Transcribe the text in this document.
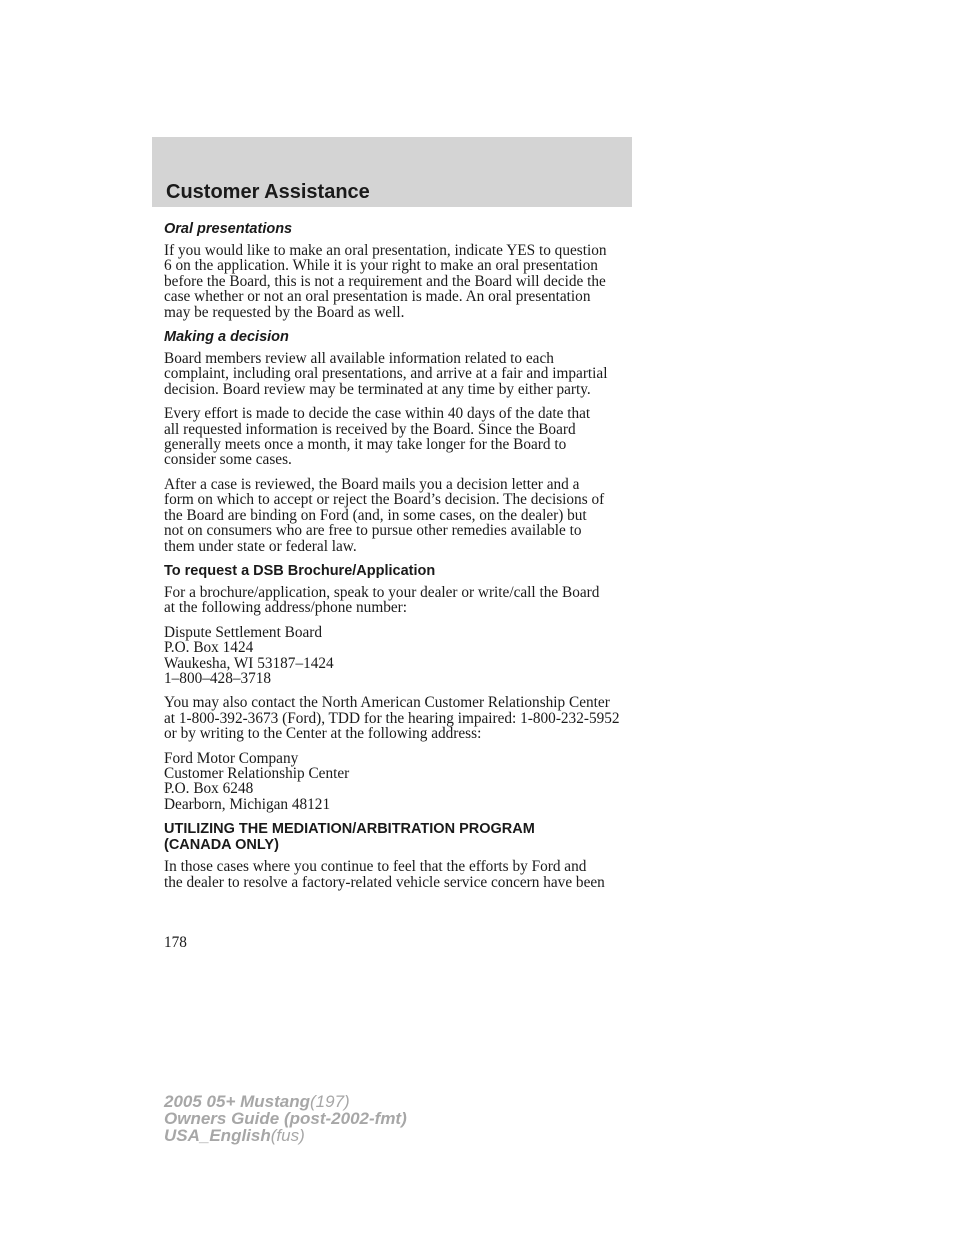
Customer Assistance
Oral presentations
If you would like to make an oral presentation, indicate YES to question
6 on the application. While it is your right to make an oral presentation
before the Board, this is not a requirement and the Board will decide the
case whether or not an oral presentation is made. An oral presentation
may be requested by the Board as well.
Making a decision
Board members review all available information related to each
complaint, including oral presentations, and arrive at a fair and impartial
decision. Board review may be terminated at any time by either party.
Every effort is made to decide the case within 40 days of the date that
all requested information is received by the Board. Since the Board
generally meets once a month, it may take longer for the Board to
consider some cases.
After a case is reviewed, the Board mails you a decision letter and a
form on which to accept or reject the Board’s decision. The decisions of
the Board are binding on Ford (and, in some cases, on the dealer) but
not on consumers who are free to pursue other remedies available to
them under state or federal law.
To request a DSB Brochure/Application
For a brochure/application, speak to your dealer or write/call the Board
at the following address/phone number:
Dispute Settlement Board
P.O. Box 1424
Waukesha, WI 53187–1424
1–800–428–3718
You may also contact the North American Customer Relationship Center
at 1-800-392-3673 (Ford), TDD for the hearing impaired: 1-800-232-5952
or by writing to the Center at the following address:
Ford Motor Company
Customer Relationship Center
P.O. Box 6248
Dearborn, Michigan 48121
UTILIZING THE MEDIATION/ARBITRATION PROGRAM
(CANADA ONLY)
In those cases where you continue to feel that the efforts by Ford and
the dealer to resolve a factory-related vehicle service concern have been
178
2005 05+ Mustang(197)
Owners Guide (post-2002-fmt)
USA_English(fus)
